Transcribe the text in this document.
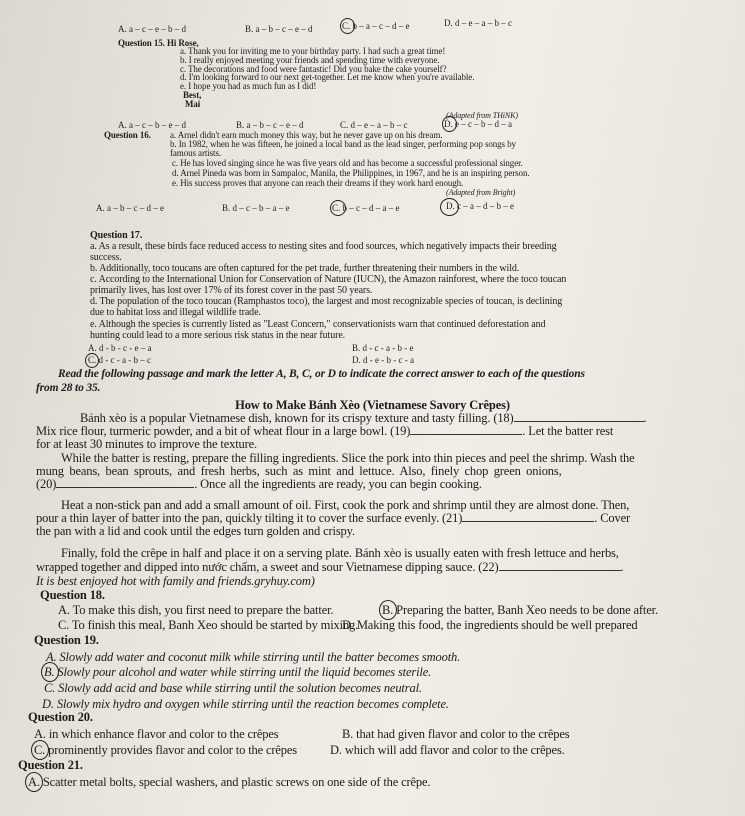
A. a – c – e – b – d	B. a – b – c – e – d	C. b – a – c – d – e	D. d – e – a – b – c
Question 15. Hi Rose,
a. Thank you for inviting me to your birthday party. I had such a great time!
b. I really enjoyed meeting your friends and spending time with everyone.
c. The decorations and food were fantastic! Did you bake the cake yourself?
d. I'm looking forward to our next get-together. Let me know when you're available.
e. I hope you had as much fun as I did!
Best,
Mai
(Adapted from THiNK)
A. a – c – b – e – d	B. a – b – c – e – d	C. d – e – a – b – c	D. e – c – b – d – a
Question 16. a. Arnel didn't earn much money this way, but he never gave up on his dream.
b. In 1982, when he was fifteen, he joined a local band as the lead singer, performing pop songs by
famous artists.
c. He has loved singing since he was five years old and has become a successful professional singer.
d. Arnel Pineda was born in Sampaloc, Manila, the Philippines, in 1967, and he is an inspiring person.
e. His success proves that anyone can reach their dreams if they work hard enough.
(Adapted from Bright)
A. a – b – c – d – e	B. d – c – b – a – e	C. b – c – d – a – e	D. c – a – d – b – e
Question 17.
a. As a result, these birds face reduced access to nesting sites and food sources, which negatively impacts their breeding
success.
b. Additionally, toco toucans are often captured for the pet trade, further threatening their numbers in the wild.
c. According to the International Union for Conservation of Nature (IUCN), the Amazon rainforest, where the toco toucan
primarily lives, has lost over 17% of its forest cover in the past 50 years.
d. The population of the toco toucan (Ramphastos toco), the largest and most recognizable species of toucan, is declining
due to habitat loss and illegal wildlife trade.
e. Although the species is currently listed as "Least Concern," conservationists warn that continued deforestation and
hunting could lead to a more serious risk status in the near future.
A. d - b - c - e – a	B. d - c - a - b - e
C. d - c - a - b – c	D. d - e - b - c - a
Read the following passage and mark the letter A, B, C, or D to indicate the correct answer to each of the questions
from 28 to 35.
How to Make Bánh Xèo (Vietnamese Savory Crêpes)
Bánh xèo is a popular Vietnamese dish, known for its crispy texture and tasty filling. (18)	.
Mix rice flour, turmeric powder, and a bit of wheat flour in a large bowl. (19)	. Let the batter rest
for at least 30 minutes to improve the texture.
While the batter is resting, prepare the filling ingredients. Slice the pork into thin pieces and peel the shrimp. Wash the
mung beans, bean sprouts, and fresh herbs, such as mint and lettuce. Also, finely chop green onions,
(20)	. Once all the ingredients are ready, you can begin cooking.
Heat a non-stick pan and add a small amount of oil. First, cook the pork and shrimp until they are almost done. Then,
pour a thin layer of batter into the pan, quickly tilting it to cover the surface evenly. (21)	. Cover
the pan with a lid and cook until the edges turn golden and crispy.
Finally, fold the crêpe in half and place it on a serving plate. Bánh xèo is usually eaten with fresh lettuce and herbs,
wrapped together and dipped into nước chấm, a sweet and sour Vietnamese dipping sauce. (22)	.
It is best enjoyed hot with family and friends.gryhuy.com)
Question 18.
A. To make this dish, you first need to prepare the batter.	B. Preparing the batter, Banh Xeo needs to be done after.
C. To finish this meal, Banh Xeo should be started by mixing.
D. Making this food, the ingredients should be well prepared
Question 19.
A. Slowly add water and coconut milk while stirring until the batter becomes smooth.
B. Slowly pour alcohol and water while stirring until the liquid becomes sterile.
C. Slowly add acid and base while stirring until the solution becomes neutral.
D. Slowly mix hydro and oxygen while stirring until the reaction becomes complete.
Question 20.
A. in which enhance flavor and color to the crêpes	B. that had given flavor and color to the crêpes
C. prominently provides flavor and color to the crêpes	D. which will add flavor and color to the crêpes.
Question 21.
A. Scatter metal bolts, special washers, and plastic screws on one side of the crêpe.
